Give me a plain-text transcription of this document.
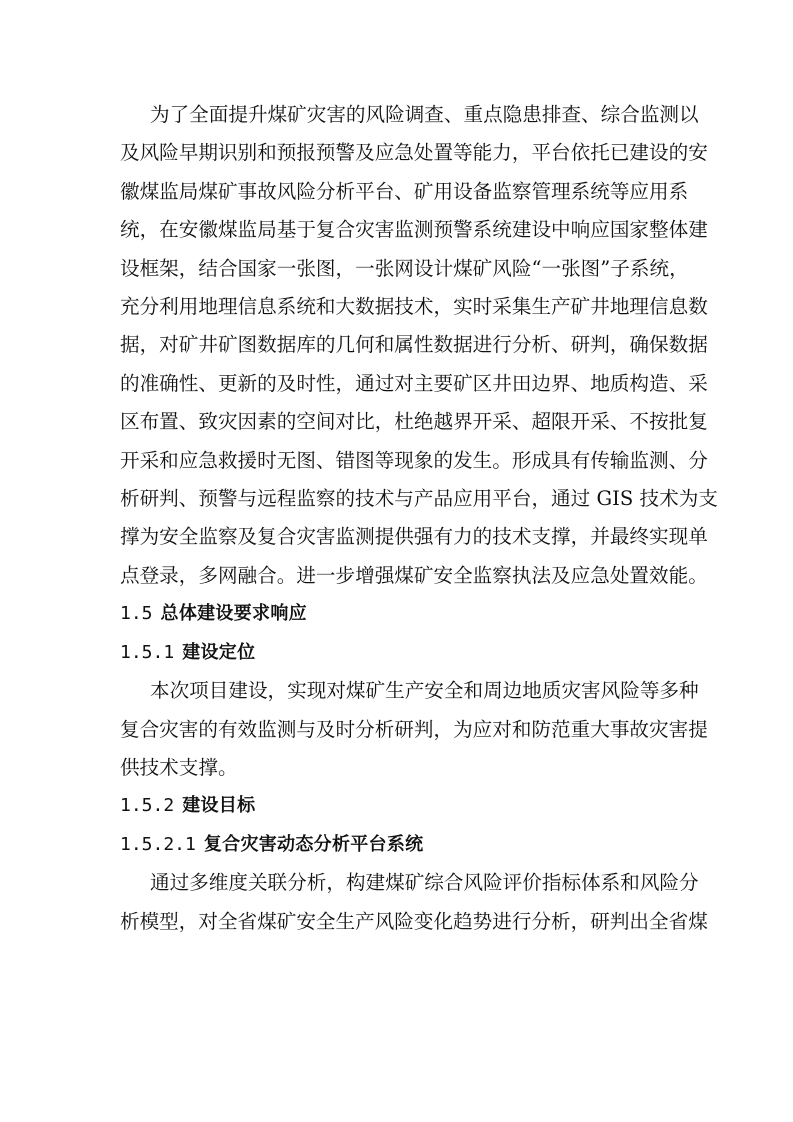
为了全面提升煤矿灾害的风险调查、重点隐患排查、综合监测以
及风险早期识别和预报预警及应急处置等能力，平台依托已建设的安
徽煤监局煤矿事故风险分析平台、矿用设备监察管理系统等应用系
统，在安徽煤监局基于复合灾害监测预警系统建设中响应国家整体建
设框架，结合国家一张图，一张网设计煤矿风险“一张图”子系统，
充分利用地理信息系统和大数据技术，实时采集生产矿井地理信息数
据，对矿井矿图数据库的几何和属性数据进行分析、研判，确保数据
的准确性、更新的及时性，通过对主要矿区井田边界、地质构造、采
区布置、致灾因素的空间对比，杜绝越界开采、超限开采、不按批复
开采和应急救援时无图、错图等现象的发生。形成具有传输监测、分
析研判、预警与远程监察的技术与产品应用平台，通过 GIS 技术为支
撑为安全监察及复合灾害监测提供强有力的技术支撑，并最终实现单
点登录，多网融合。进一步增强煤矿安全监察执法及应急处置效能。

1.5 总体建设要求响应
1.5.1 建设定位

本次项目建设，实现对煤矿生产安全和周边地质灾害风险等多种
复合灾害的有效监测与及时分析研判，为应对和防范重大事故灾害提
供技术支撑。

1.5.2 建设目标
1.5.2.1 复合灾害动态分析平台系统

通过多维度关联分析，构建煤矿综合风险评价指标体系和风险分
析模型，对全省煤矿安全生产风险变化趋势进行分析，研判出全省煤
